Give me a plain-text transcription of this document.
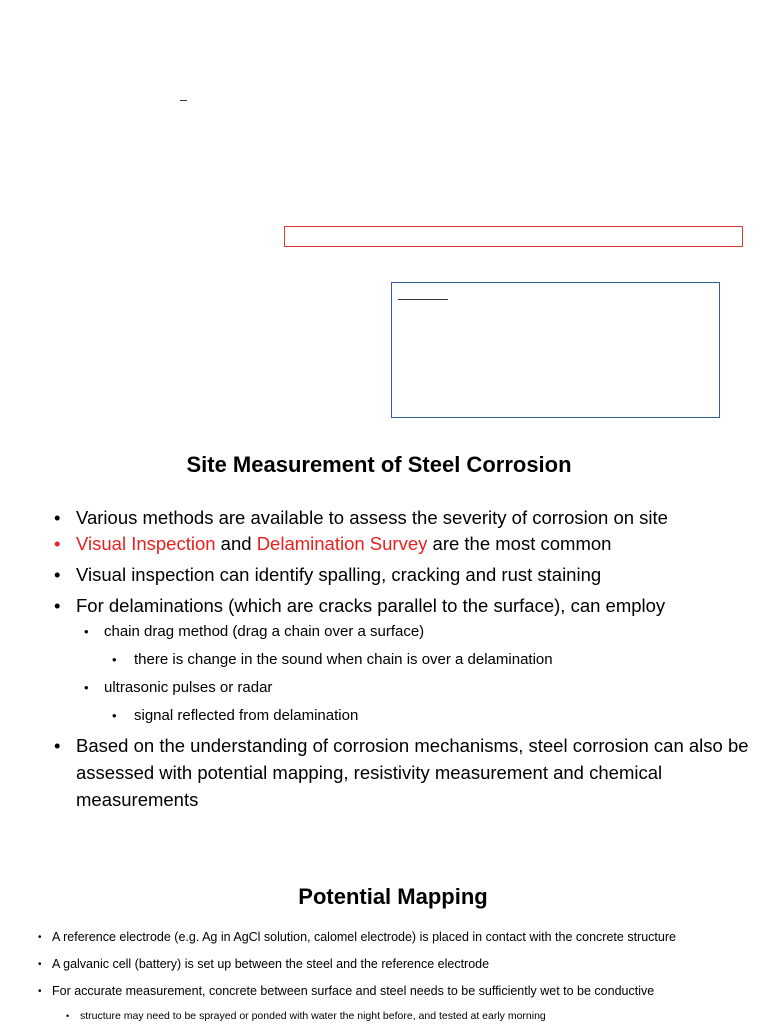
Site Measurement of Steel Corrosion
• Various methods are available to assess the severity of corrosion on site
• Visual Inspection and Delamination Survey are the most common
• Visual inspection can identify spalling, cracking and rust staining
• For delaminations (which are cracks parallel to the surface), can employ
• chain drag method (drag a chain over a surface)
• there is change in the sound when chain is over a delamination
• ultrasonic pulses or radar
• signal reflected from delamination
• Based on the understanding of corrosion mechanisms, steel corrosion can also be assessed with potential mapping, resistivity measurement and chemical measurements
Potential Mapping
• A reference electrode (e.g. Ag in AgCl solution, calomel electrode) is placed in contact with the concrete structure
• A galvanic cell (battery) is set up between the steel and the reference electrode
• For accurate measurement, concrete between surface and steel needs to be sufficiently wet to be conductive
• structure may need to be sprayed or ponded with water the night before, and tested at early morning
